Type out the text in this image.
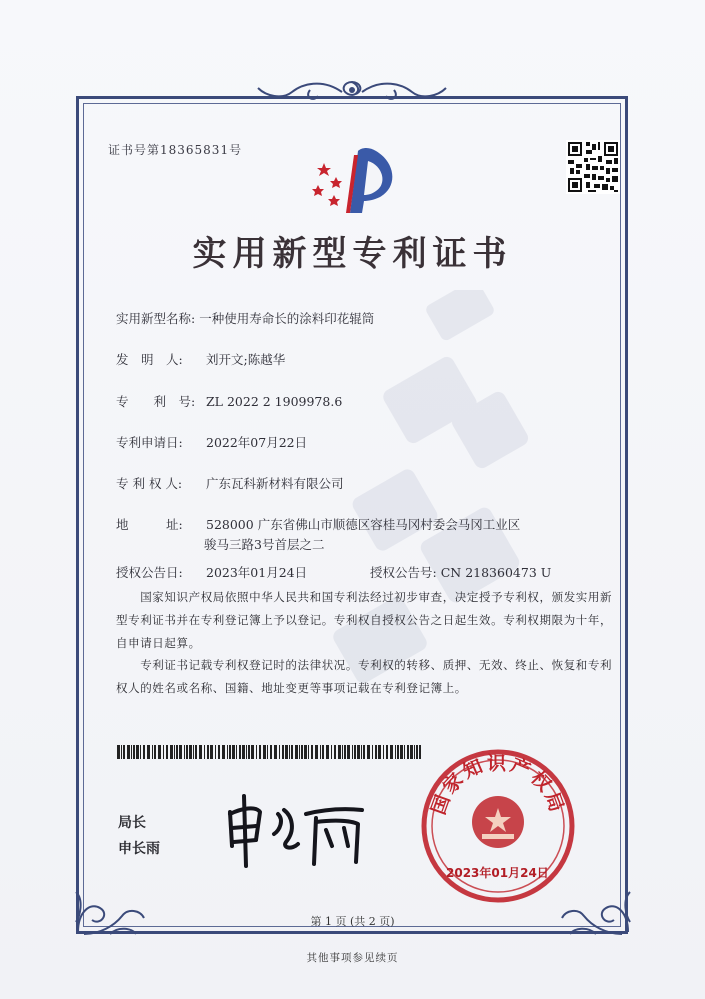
证书号第18365831号
实用新型专利证书
实用新型名称: 一种使用寿命长的涂料印花辊筒
发　明　人: 刘开文;陈越华
专　　利　号: ZL 2022 2 1909978.6
专利申请日: 2022年07月22日
专 利 权 人: 广东瓦科新材料有限公司
地　　　址: 528000 广东省佛山市顺德区容桂马冈村委会马冈工业区
骏马三路3号首层之二
授权公告日: 2023年01月24日	授权公告号: CN 218360473 U
　　国家知识产权局依照中华人民共和国专利法经过初步审查，决定授予专利权，颁发实用新型专利证书并在专利登记簿上予以登记。专利权自授权公告之日起生效。专利权期限为十年，自申请日起算。
　　专利证书记载专利权登记时的法律状况。专利权的转移、质押、无效、终止、恢复和专利权人的姓名或名称、国籍、地址变更等事项记载在专利登记簿上。
局长
申长雨
国家知识产权局
2023年01月24日
第 1 页 (共 2 页)
其他事项参见续页
